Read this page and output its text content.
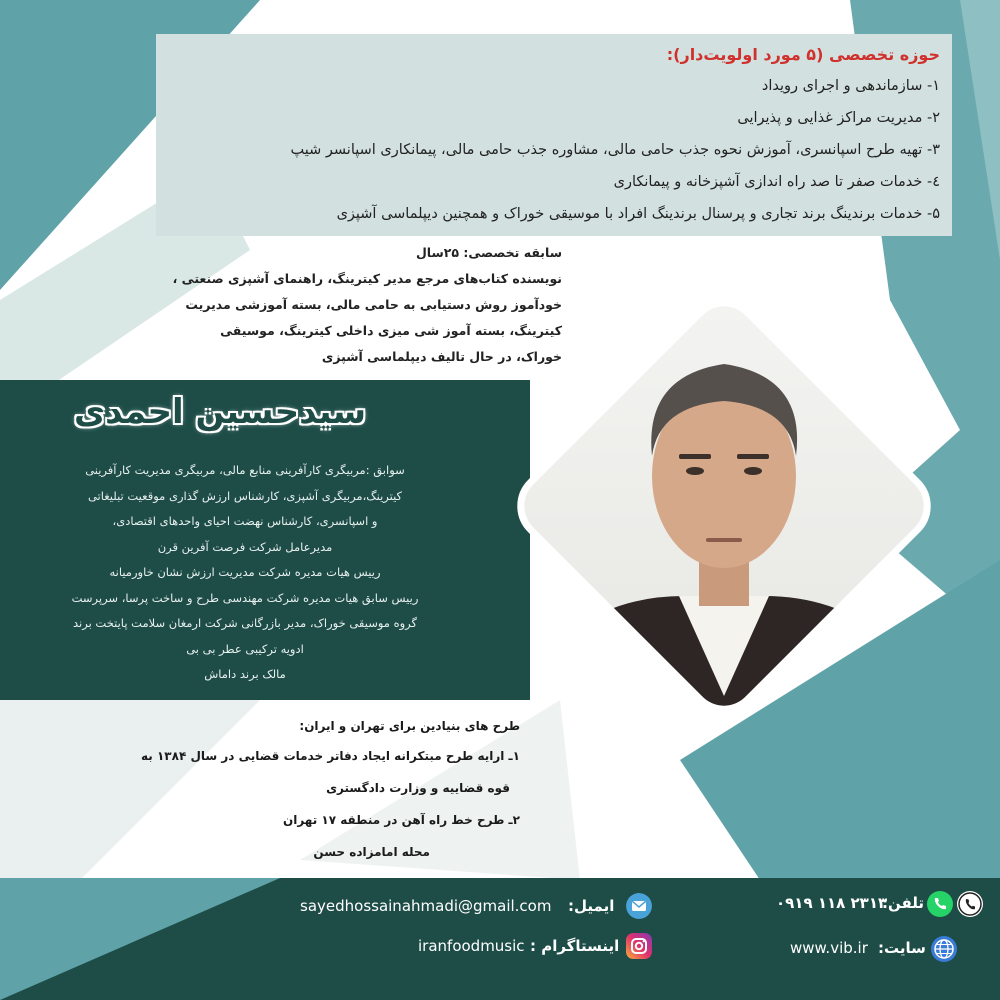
حوزه تخصصی (۵ مورد اولویت‌دار):
۱- سازماندهی و اجرای رویداد
۲- مدیریت مراکز غذایی و پذیرایی
۳- تهیه طرح اسپانسری، آموزش نحوه جذب حامی مالی، مشاوره جذب حامی مالی، پیمانکاری اسپانسر شیپ
٤- خدمات صفر تا صد راه اندازی آشپزخانه و پیمانکاری
۵- خدمات برندینگ برند تجاری و پرسنال برندینگ افراد با موسیقی خوراک و همچنین دیپلماسی آشپزی
سابقه تخصصی: ۲۵سال
نویسنده کتاب‌های مرجع مدیر کیترینگ، راهنمای آشپزی صنعتی ،
خودآموز روش دستیابی به حامی مالی، بسته آموزشی مدیریت
کیترینگ، بسته آموز شی میزی داخلی کیترینگ، موسیقی
خوراک، در حال تالیف دیپلماسی آشپزی
سیدحسین احمدی
سوابق :مربیگری کارآفرینی منابع مالی، مربیگری مدیریت کارآفرینی
کیترینگ،مربیگری آشپزی، کارشناس ارزش گذاری موقعیت تبلیغاتی
و اسپانسری، کارشناس نهضت احیای واحدهای اقتصادی،
مدیرعامل شرکت فرصت آفرین قرن
رییس هیات مدیره شرکت مدیریت ارزش نشان خاورمیانه
رییس سابق هیات مدیره شرکت مهندسی طرح و ساخت پرسا، سرپرست
گروه موسیقی خوراک، مدیر بازرگانی شرکت ارمغان سلامت پایتخت برند
ادویه ترکیبی عطر بی بی
مالک برند داماش
طرح های بنیادین برای تهران و ایران:
۱ـ ارایه طرح مبتکرانه ایجاد دفاتر خدمات قضایی در سال ۱۳۸۴ به
قوه قضاییه و وزارت دادگستری
۲ـ طرح خط راه آهن در منطقه ۱۷ تهران
محله امامزاده حسن
sayedhossainahmadi@gmail.com ایمیل:
iranfoodmusic اینستاگرام :
۰۹۱۹ ۱۱۸ ۲۳۱۳
تلفن:
www.vib.ir سایت:
